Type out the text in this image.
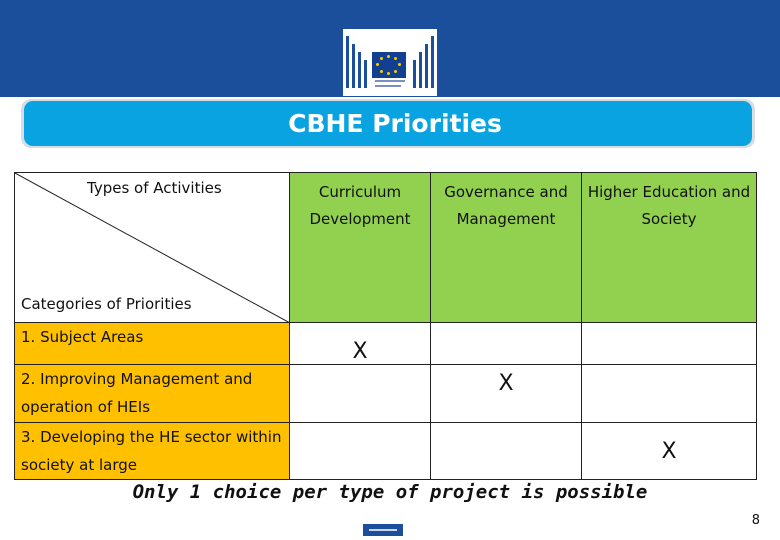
CBHE Priorities
Types of Activities
Categories of Priorities	Curriculum Development	Governance and Management	Higher Education and Society
1. Subject Areas	X		
2. Improving Management and operation of HEIs		X	
3. Developing the HE sector within society at large			X
Only 1 choice per type of project is possible
8
